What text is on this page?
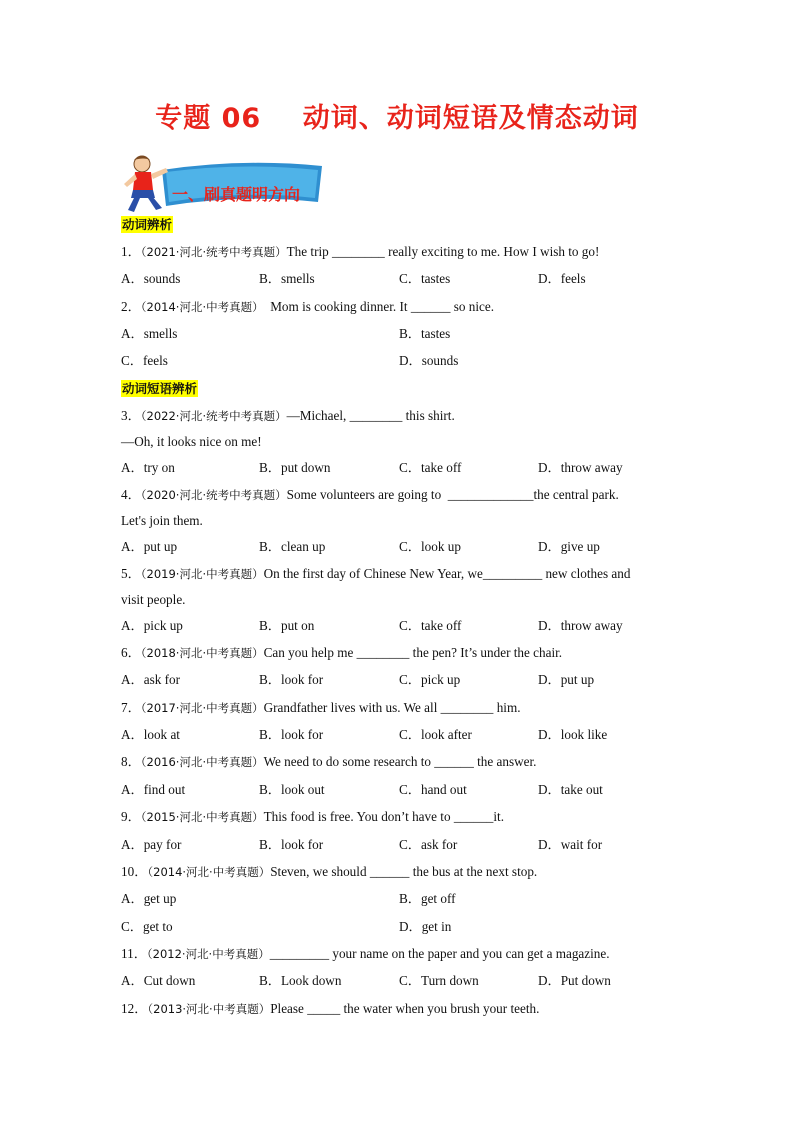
专题 06    动词、动词短语及情态动词
一、刷真题明方向
动词辨析
1．（2021·河北·统考中考真题）The trip ________ really exciting to me. How I wish to go!
A．sounds	B．smells	C．tastes	D．feels
2．（2014·河北·中考真题）  Mom is cooking dinner. It ______ so nice.
A．smells	B．tastes
C．feels	D．sounds
动词短语辨析
3．（2022·河北·统考中考真题）—Michael, ________ this shirt.
—Oh, it looks nice on me!
A．try on	B．put down	C．take off	D．throw away
4．（2020·河北·统考中考真题）Some volunteers are going to  _____________the central park.
Let's join them.
A．put up	B．clean up	C．look up	D．give up
5．（2019·河北·中考真题）On the first day of Chinese New Year, we_________ new clothes and
visit people.
A．pick up	B．put on	C．take off	D．throw away
6．（2018·河北·中考真题）Can you help me ________ the pen? It’s under the chair.
A．ask for	B．look for	C．pick up	D．put up
7．（2017·河北·中考真题）Grandfather lives with us. We all ________ him.
A．look at	B．look for	C．look after	D．look like
8．（2016·河北·中考真题）We need to do some research to ______ the answer.
A．find out	B．look out	C．hand out	D．take out
9．（2015·河北·中考真题）This food is free. You don’t have to ______it.
A．pay for	B．look for	C．ask for	D．wait for
10．（2014·河北·中考真题）Steven, we should ______ the bus at the next stop.
A．get up	B．get off
C．get to	D．get in
11．（2012·河北·中考真题）_________ your name on the paper and you can get a magazine.
A．Cut down	B．Look down	C．Turn down	D．Put down
12．（2013·河北·中考真题）Please _____ the water when you brush your teeth.
